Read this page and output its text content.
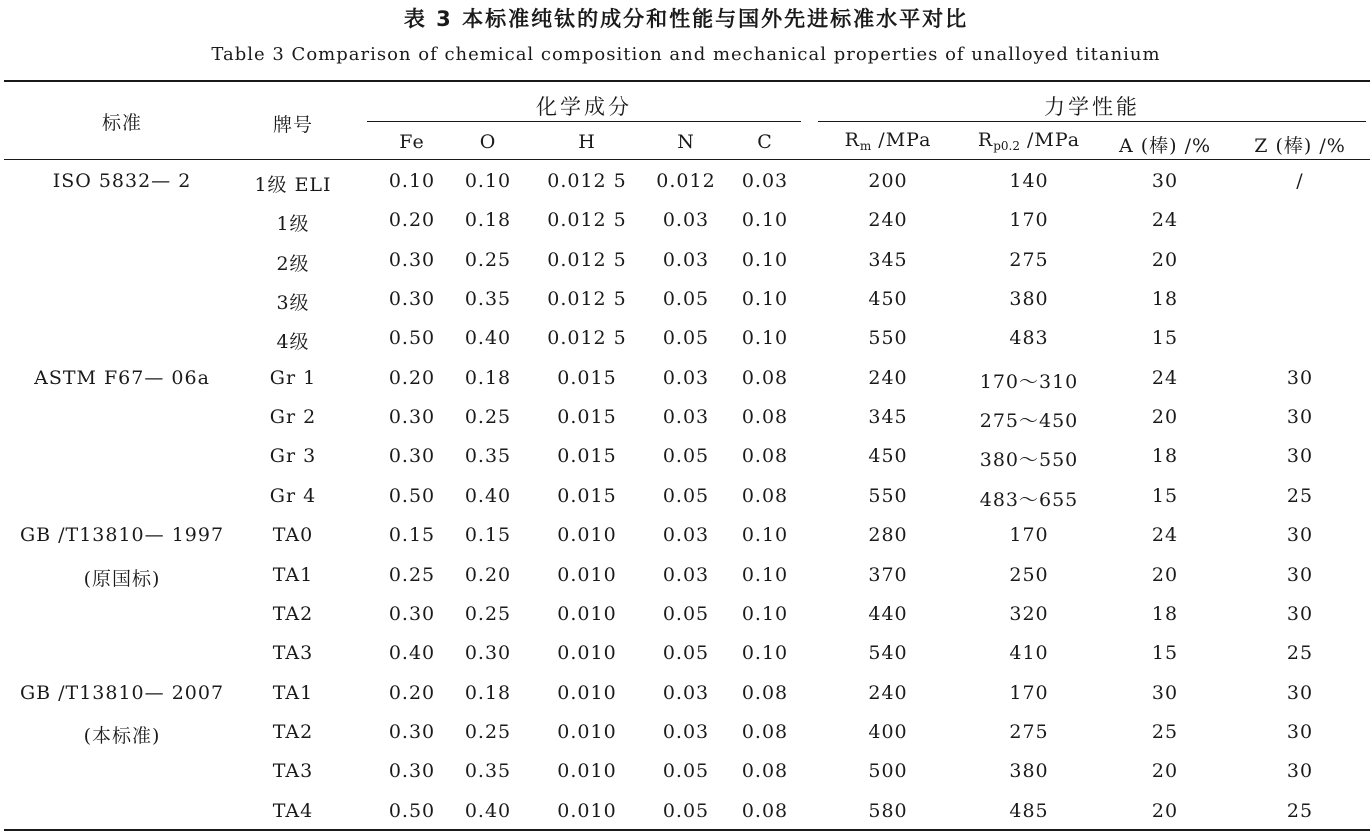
表 3 本标准纯钛的成分和性能与国外先进标准水平对比
Table 3 Comparison of chemical composition and mechanical properties of unalloyed titanium
标准	牌号
化学成分	力学性能
Fe	O	H	N	C	$R_m$ /MPa	$R_{p0.2}$ /MPa	A (棒) /%	Z (棒) /%
ISO 5832— 2	1级 ELI	0.10	0.10	0.012 5	0.012	0.03	200	140	30	/
1级	0.20	0.18	0.012 5	0.03	0.10	240	170	24
2级	0.30	0.25	0.012 5	0.03	0.10	345	275	20
3级	0.30	0.35	0.012 5	0.05	0.10	450	380	18
4级	0.50	0.40	0.012 5	0.05	0.10	550	483	15
ASTM F67— 06a	Gr 1	0.20	0.18	0.015	0.03	0.08	240	170～310	24	30
Gr 2	0.30	0.25	0.015	0.03	0.08	345	275～450	20	30
Gr 3	0.30	0.35	0.015	0.05	0.08	450	380～550	18	30
Gr 4	0.50	0.40	0.015	0.05	0.08	550	483～655	15	25
GB /T13810— 1997	TA0	0.15	0.15	0.010	0.03	0.10	280	170	24	30
(原国标)	TA1	0.25	0.20	0.010	0.03	0.10	370	250	20	30
TA2	0.30	0.25	0.010	0.05	0.10	440	320	18	30
TA3	0.40	0.30	0.010	0.05	0.10	540	410	15	25
GB /T13810— 2007	TA1	0.20	0.18	0.010	0.03	0.08	240	170	30	30
(本标准)	TA2	0.30	0.25	0.010	0.03	0.08	400	275	25	30
TA3	0.30	0.35	0.010	0.05	0.08	500	380	20	30
TA4	0.50	0.40	0.010	0.05	0.08	580	485	20	25
